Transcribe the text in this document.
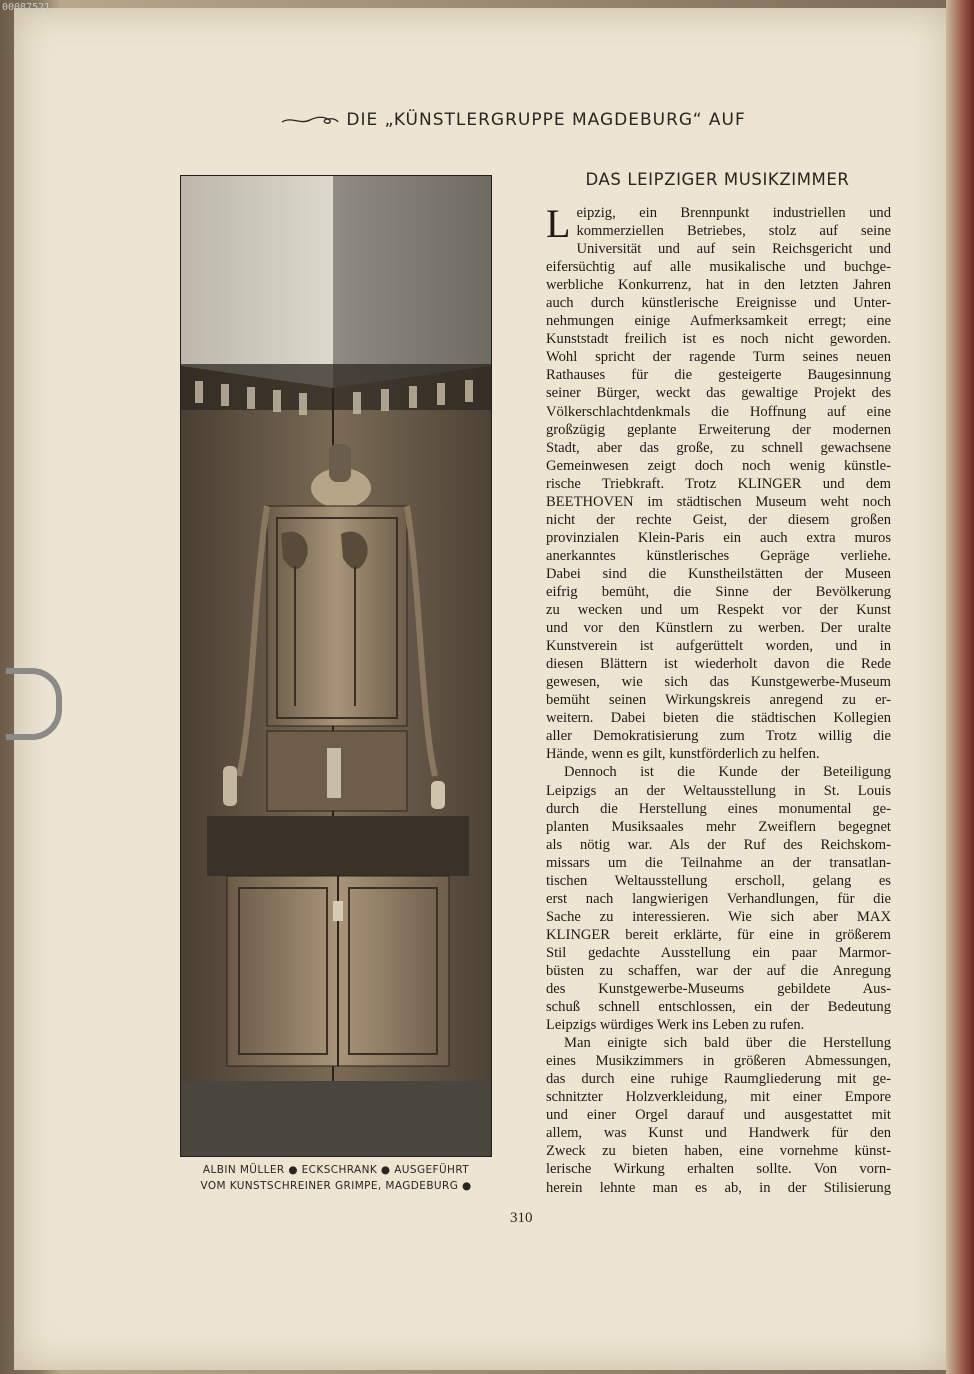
00087521
DIE „KÜNSTLERGRUPPE MAGDEBURG“ AUF
ALBIN MÜLLER ● ECKSCHRANK ● AUSGEFÜHRT
VOM KUNSTSCHREINER GRIMPE, MAGDEBURG ●
DAS LEIPZIGER MUSIKZIMMER
L eipzig, ein Brennpunkt industriellen und
kommerziellen Betriebes, stolz auf seine
Universität und auf sein Reichsgericht und
eifersüchtig auf alle musikalische und buchge-
werbliche Konkurrenz, hat in den letzten Jahren
auch durch künstlerische Ereignisse und Unter-
nehmungen einige Aufmerksamkeit erregt; eine
Kunststadt freilich ist es noch nicht geworden.
Wohl spricht der ragende Turm seines neuen
Rathauses für die gesteigerte Baugesinnung
seiner Bürger, weckt das gewaltige Projekt des
Völkerschlachtdenkmals die Hoffnung auf eine
großzügig geplante Erweiterung der modernen
Stadt, aber das große, zu schnell gewachsene
Gemeinwesen zeigt doch noch wenig künstle-
rische Triebkraft. Trotz KLINGER und dem
BEETHOVEN im städtischen Museum weht noch
nicht der rechte Geist, der diesem großen
provinzialen Klein-Paris ein auch extra muros
anerkanntes künstlerisches Gepräge verliehe.
Dabei sind die Kunstheilstätten der Museen
eifrig bemüht, die Sinne der Bevölkerung
zu wecken und um Respekt vor der Kunst
und vor den Künstlern zu werben. Der uralte
Kunstverein ist aufgerüttelt worden, und in
diesen Blättern ist wiederholt davon die Rede
gewesen, wie sich das Kunstgewerbe-Museum
bemüht seinen Wirkungskreis anregend zu er-
weitern. Dabei bieten die städtischen Kollegien
aller Demokratisierung zum Trotz willig die
Hände, wenn es gilt, kunstförderlich zu helfen.
Dennoch ist die Kunde der Beteiligung
Leipzigs an der Weltausstellung in St. Louis
durch die Herstellung eines monumental ge-
planten Musiksaales mehr Zweiflern begegnet
als nötig war. Als der Ruf des Reichskom-
missars um die Teilnahme an der transatlan-
tischen Weltausstellung erscholl, gelang es
erst nach langwierigen Verhandlungen, für die
Sache zu interessieren. Wie sich aber MAX
KLINGER bereit erklärte, für eine in größerem
Stil gedachte Ausstellung ein paar Marmor-
büsten zu schaffen, war der auf die Anregung
des Kunstgewerbe-Museums gebildete Aus-
schuß schnell entschlossen, ein der Bedeutung
Leipzigs würdiges Werk ins Leben zu rufen.
Man einigte sich bald über die Herstellung
eines Musikzimmers in größeren Abmessungen,
das durch eine ruhige Raumgliederung mit ge-
schnitzter Holzverkleidung, mit einer Empore
und einer Orgel darauf und ausgestattet mit
allem, was Kunst und Handwerk für den
Zweck zu bieten haben, eine vornehme künst-
lerische Wirkung erhalten sollte. Von vorn-
herein lehnte man es ab, in der Stilisierung
310
